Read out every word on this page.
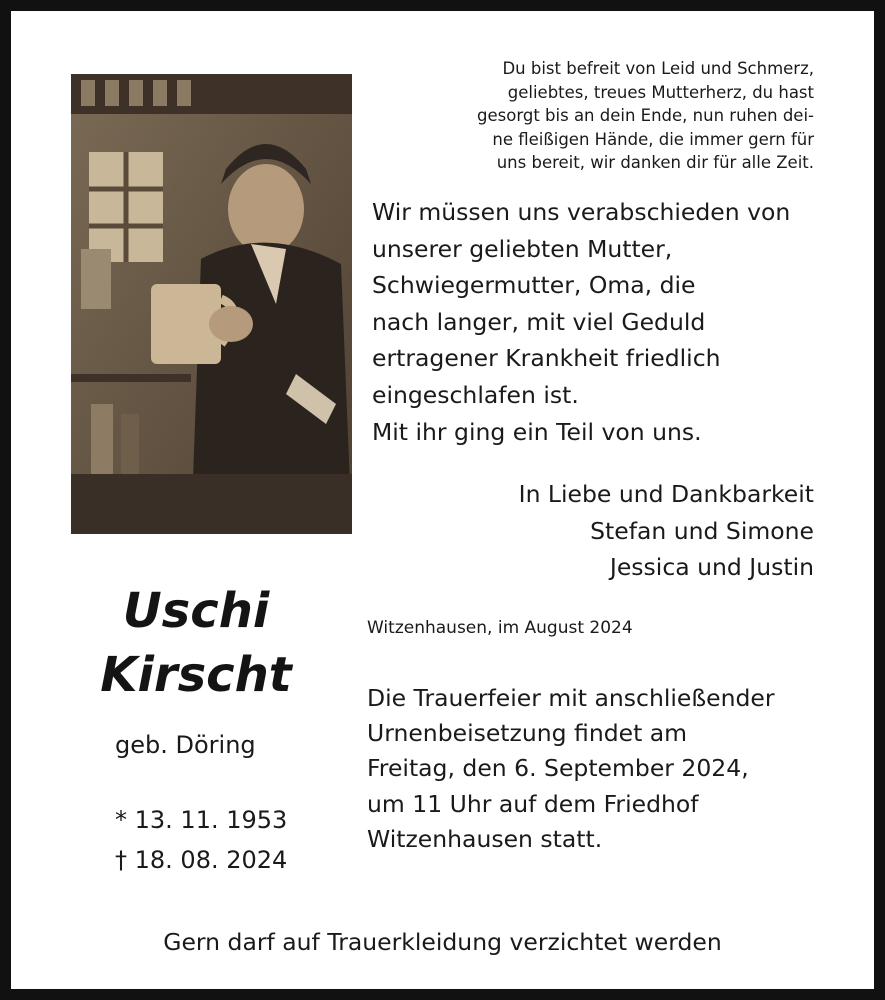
Du bist befreit von Leid und Schmerz,
geliebtes, treues Mutterherz, du hast
gesorgt bis an dein Ende, nun ruhen dei-
ne fleißigen Hände, die immer gern für
uns bereit, wir danken dir für alle Zeit.
Wir müssen uns verabschieden von
unserer geliebten Mutter,
Schwiegermutter, Oma, die
nach langer, mit viel Geduld
ertragener Krankheit friedlich
eingeschlafen ist.
Mit ihr ging ein Teil von uns.
In Liebe und Dankbarkeit
Stefan und Simone
Jessica und Justin
Uschi
Kirscht
geb. Döring
* 13. 11. 1953
† 18. 08. 2024
Witzenhausen, im August 2024
Die Trauerfeier mit anschließender
Urnenbeisetzung findet am
Freitag, den 6. September 2024,
um 11 Uhr auf dem Friedhof
Witzenhausen statt.
Gern darf auf Trauerkleidung verzichtet werden
